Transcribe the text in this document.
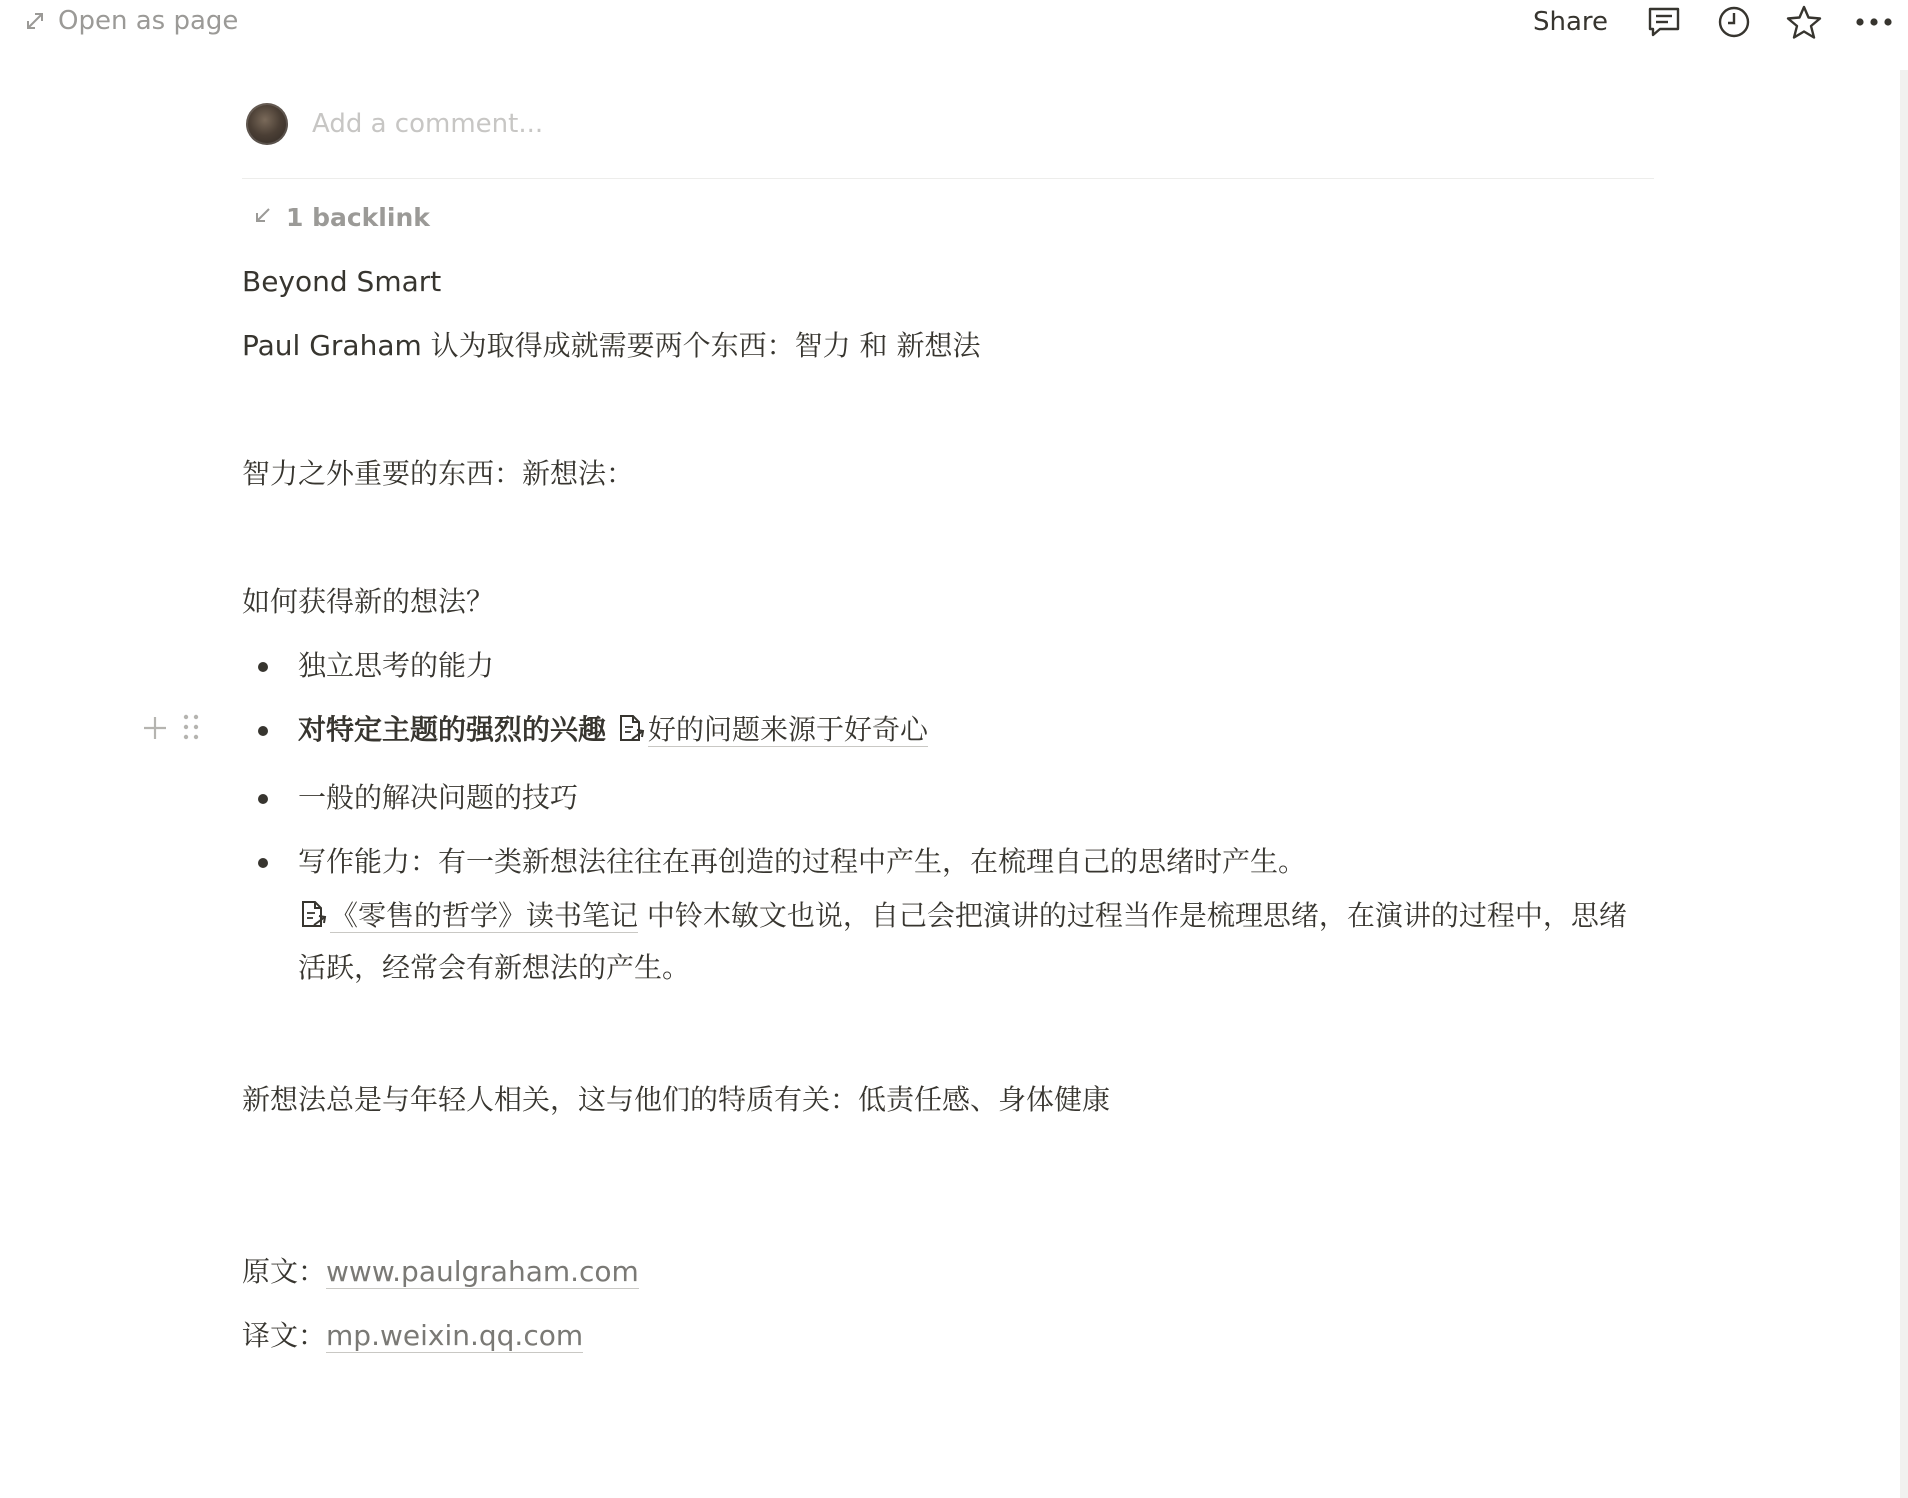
Open as page	Share
Add a comment...
1 backlink
Beyond Smart
Paul Graham 认为取得成就需要两个东西：智力 和 新想法
智力之外重要的东西：新想法：
如何获得新的想法？
独立思考的能力
对特定主题的强烈的兴趣 好的问题来源于好奇心
一般的解决问题的技巧
写作能力：有一类新想法往往在再创造的过程中产生，在梳理自己的思绪时产生。
《零售的哲学》读书笔记 中铃木敏文也说，自己会把演讲的过程当作是梳理思绪，在演讲的过程中，思绪活跃，经常会有新想法的产生。
新想法总是与年轻人相关，这与他们的特质有关：低责任感、身体健康
原文：www.paulgraham.com
译文：mp.weixin.qq.com
